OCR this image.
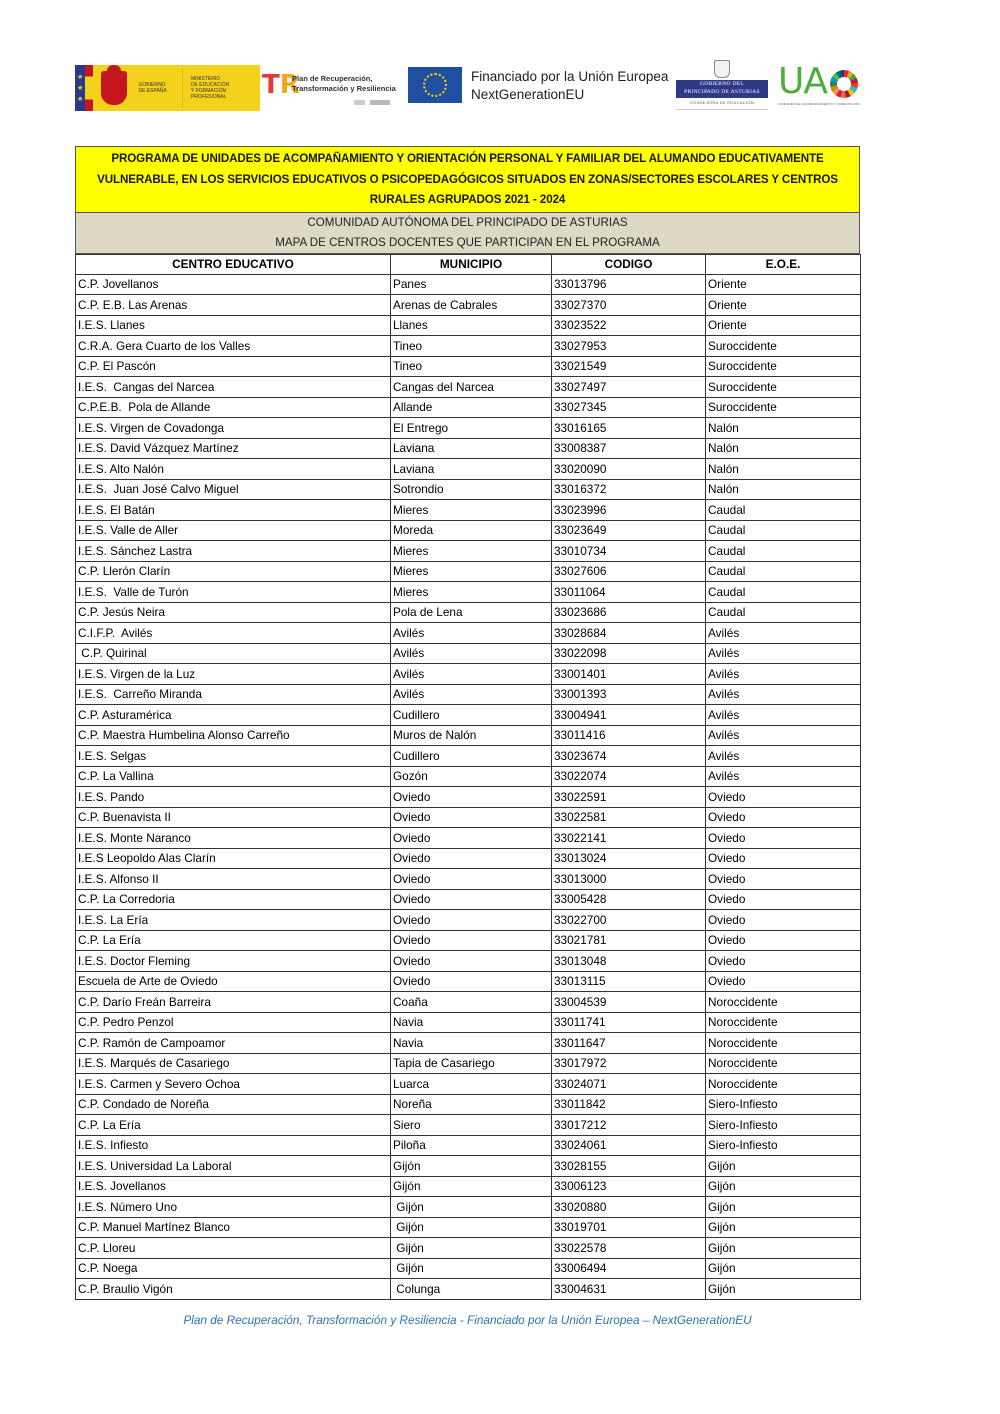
★
★
★
GOBIERNO
DE ESPAÑA
MINISTERIO
DE EDUCACIÓN
Y FORMACIÓN PROFESIONAL	TR
Plan de Recuperación,
Transformación y Resiliencia
Financiado por la Unión Europea
NextGenerationEU
GOBIERNO DEL
PRINCIPADO DE ASTURIAS
CONSEJERÍA DE EDUCACIÓN
UA
UNIDADES DE ACOMPAÑAMIENTO Y ORIENTACIÓN
PROGRAMA DE UNIDADES DE ACOMPAÑAMIENTO Y ORIENTACIÓN PERSONAL Y FAMILIAR DEL ALUMANDO EDUCATIVAMENTE VULNERABLE, EN LOS SERVICIOS EDUCATIVOS O PSICOPEDAGÓGICOS SITUADOS EN ZONAS/SECTORES ESCOLARES Y CENTROS RURALES AGRUPADOS 2021 - 2024
COMUNIDAD AUTÓNOMA DEL PRINCIPADO DE ASTURIAS
MAPA DE CENTROS DOCENTES QUE PARTICIPAN EN EL PROGRAMA
CENTRO EDUCATIVO	MUNICIPIO	CODIGO	E.O.E.
C.P. Jovellanos	Panes	33013796	Oriente
C.P. E.B. Las Arenas	Arenas de Cabrales	33027370	Oriente
I.E.S. Llanes	Llanes	33023522	Oriente
C.R.A. Gera Cuarto de los Valles	Tineo	33027953	Suroccidente
C.P. El Pascón	Tineo	33021549	Suroccidente
I.E.S.  Cangas del Narcea	Cangas del Narcea	33027497	Suroccidente
C.P.E.B.  Pola de Allande	Allande	33027345	Suroccidente
I.E.S. Virgen de Covadonga	El Entrego	33016165	Nalón
I.E.S. David Vázquez Martínez	Laviana	33008387	Nalón
I.E.S. Alto Nalón	Laviana	33020090	Nalón
I.E.S.  Juan José Calvo Miguel	Sotrondio	33016372	Nalón
I.E.S. El Batán	Mieres	33023996	Caudal
I.E.S. Valle de Aller	Moreda	33023649	Caudal
I.E.S. Sánchez Lastra	Mieres	33010734	Caudal
C.P. Llerón Clarín	Mieres	33027606	Caudal
I.E.S.  Valle de Turón	Mieres	33011064	Caudal
C.P. Jesús Neira	Pola de Lena	33023686	Caudal
C.I.F.P.  Avilés	Avilés	33028684	Avilés
C.P. Quirinal	Avilés	33022098	Avilés
I.E.S. Virgen de la Luz	Avilés	33001401	Avilés
I.E.S.  Carreño Miranda	Avilés	33001393	Avilés
C.P. Asturamérica	Cudillero	33004941	Avilés
C.P. Maestra Humbelina Alonso Carreño	Muros de Nalón	33011416	Avilés
I.E.S. Selgas	Cudillero	33023674	Avilés
C.P. La Vallina	Gozón	33022074	Avilés
I.E.S. Pando	Oviedo	33022591	Oviedo
C.P. Buenavista II	Oviedo	33022581	Oviedo
I.E.S. Monte Naranco	Oviedo	33022141	Oviedo
I.E.S Leopoldo Alas Clarín	Oviedo	33013024	Oviedo
I.E.S. Alfonso II	Oviedo	33013000	Oviedo
C.P. La Corredoria	Oviedo	33005428	Oviedo
I.E.S. La Ería	Oviedo	33022700	Oviedo
C.P. La Ería	Oviedo	33021781	Oviedo
I.E.S. Doctor Fleming	Oviedo	33013048	Oviedo
Escuela de Arte de Oviedo	Oviedo	33013115	Oviedo
C.P. Darío Freán Barreira	Coaña	33004539	Noroccidente
C.P. Pedro Penzol	Navia	33011741	Noroccidente
C.P. Ramón de Campoamor	Navia	33011647	Noroccidente
I.E.S. Marqués de Casariego	Tapia de Casariego	33017972	Noroccidente
I.E.S. Carmen y Severo Ochoa	Luarca	33024071	Noroccidente
C.P. Condado de Noreña	Noreña	33011842	Siero-Infiesto
C.P. La Ería	Siero	33017212	Siero-Infiesto
I.E.S. Infiesto	Piloña	33024061	Siero-Infiesto
I.E.S. Universidad La Laboral	Gijón	33028155	Gijón
I.E.S. Jovellanos	Gijón	33006123	Gijón
I.E.S. Número Uno	Gijón	33020880	Gijón
C.P. Manuel Martínez Blanco	Gijón	33019701	Gijón
C.P. Lloreu	Gijón	33022578	Gijón
C.P. Noega	Gijón	33006494	Gijón
C.P. Braulio Vigón	Colunga	33004631	Gijón
Plan de Recuperación, Transformación y Resiliencia - Financiado por la Unión Europea – NextGenerationEU
